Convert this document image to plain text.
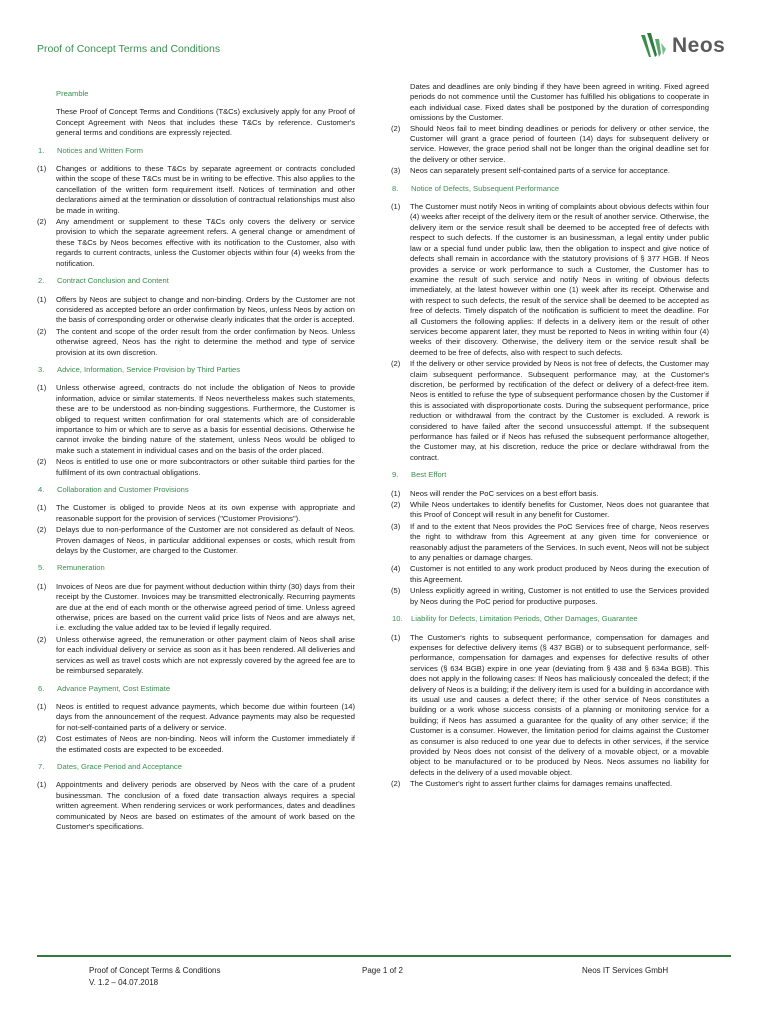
Proof of Concept Terms and Conditions	Neos
Preamble
These Proof of Concept Terms and Conditions (T&Cs) exclusively apply for any Proof of Concept Agreement with Neos that includes these T&Cs by reference. Customer's general terms and conditions are expressly rejected.
1. Notices and Written Form
(1)	Changes or additions to these T&Cs by separate agreement or contracts concluded within the scope of these T&Cs must be in writing to be effective. This also applies to the cancellation of the written form requirement itself. Notices of termination and other declarations aimed at the termination or dissolution of contractual relationships must also be made in writing.
(2)	Any amendment or supplement to these T&Cs only covers the delivery or service provision to which the separate agreement refers. A general change or amendment of these T&Cs by Neos becomes effective with its notification to the Customer, also with regards to current contracts, unless the Customer objects within four (4) weeks from the notification.
2. Contract Conclusion and Content
(1)	Offers by Neos are subject to change and non-binding. Orders by the Customer are not considered as accepted before an order confirmation by Neos, unless Neos by action on the basis of corresponding order or otherwise clearly indicates that the order is accepted.
(2)	The content and scope of the order result from the order confirmation by Neos. Unless otherwise agreed, Neos has the right to determine the method and type of service provision at its own discretion.
3. Advice, Information, Service Provision by Third Parties
(1)	Unless otherwise agreed, contracts do not include the obligation of Neos to provide information, advice or similar statements. If Neos nevertheless makes such statements, these are to be understood as non-binding suggestions. Furthermore, the Customer is obliged to request written confirmation for oral statements which are of considerable importance to him or which are to serve as a basis for essential decisions. Otherwise he cannot invoke the binding nature of the statement, unless Neos would be obliged to make such a statement in individual cases and on the basis of the order placed.
(2)	Neos is entitled to use one or more subcontractors or other suitable third parties for the fulfilment of its own contractual obligations.
4. Collaboration and Customer Provisions
(1)	The Customer is obliged to provide Neos at its own expense with appropriate and reasonable support for the provision of services ("Customer Provisions").
(2)	Delays due to non-performance of the Customer are not considered as default of Neos. Proven damages of Neos, in particular additional expenses or costs, which result from delays by the Customer, are charged to the Customer.
5. Remuneration
(1)	Invoices of Neos are due for payment without deduction within thirty (30) days from their receipt by the Customer. Invoices may be transmitted electronically. Recurring payments are due at the end of each month or the otherwise agreed period of time. Unless agreed otherwise, prices are based on the current valid price lists of Neos and are always net, i.e. excluding the value added tax to be levied if legally required.
(2)	Unless otherwise agreed, the remuneration or other payment claim of Neos shall arise for each individual delivery or service as soon as it has been rendered. All deliveries and services as well as travel costs which are not expressly covered by the agreed fee are to be reimbursed separately.
6. Advance Payment, Cost Estimate
(1)	Neos is entitled to request advance payments, which become due within fourteen (14) days from the announcement of the request. Advance payments may also be requested for not-self-contained parts of a delivery or service.
(2)	Cost estimates of Neos are non-binding. Neos will inform the Customer immediately if the estimated costs are expected to be exceeded.
7. Dates, Grace Period and Acceptance
(1)	Appointments and delivery periods are observed by Neos with the care of a prudent businessman. The conclusion of a fixed date transaction always requires a special written agreement. When rendering services or work performances, dates and deadlines communicated by Neos are based on estimates of the amount of work based on the Customer's specifications.
Dates and deadlines are only binding if they have been agreed in writing. Fixed agreed periods do not commence until the Customer has fulfilled his obligations to cooperate in each individual case. Fixed dates shall be postponed by the duration of corresponding omissions by the Customer.
(2)	Should Neos fail to meet binding deadlines or periods for delivery or other service, the Customer will grant a grace period of fourteen (14) days for subsequent delivery or service. However, the grace period shall not be longer than the original deadline set for the delivery or other service.
(3)	Neos can separately present self-contained parts of a service for acceptance.
8. Notice of Defects, Subsequent Performance
(1)	The Customer must notify Neos in writing of complaints about obvious defects within four (4) weeks after receipt of the delivery item or the result of another service. Otherwise, the delivery item or the service result shall be deemed to be accepted free of defects with respect to such defects. If the customer is an businessman, a legal entity under public law or a special fund under public law, then the obligation to inspect and give notice of defects shall remain in accordance with the statutory provisions of § 377 HGB. If Neos provides a service or work performance to such a Customer, the Customer has to examine the result of such service and notify Neos in writing of obvious defects immediately, at the latest however within one (1) week after its receipt. Otherwise and with respect to such defects, the result of the service shall be deemed to be accepted as free of defects. Timely dispatch of the notification is sufficient to meet the deadline. For all Customers the following applies: If defects in a delivery item or the result of other services become apparent later, they must be reported to Neos in writing within four (4) weeks of their discovery. Otherwise, the delivery item or the service result shall be deemed to be free of defects, also with respect to such defects.
(2)	If the delivery or other service provided by Neos is not free of defects, the Customer may claim subsequent performance. Subsequent performance may, at the Customer's discretion, be performed by rectification of the defect or delivery of a defect-free item. Neos is entitled to refuse the type of subsequent performance chosen by the Customer if this is associated with disproportionate costs. During the subsequent performance, price reduction or withdrawal from the contract by the Customer is excluded. A rework is considered to have failed after the second unsuccessful attempt. If the subsequent performance has failed or if Neos has refused the subsequent performance altogether, the Customer may, at his discretion, reduce the price or declare withdrawal from the contract.
9. Best Effort
(1)	Neos will render the PoC services on a best effort basis.
(2)	While Neos undertakes to identify benefits for Customer, Neos does not guarantee that this Proof of Concept will result in any benefit for Customer.
(3)	If and to the extent that Neos provides the PoC Services free of charge, Neos reserves the right to withdraw from this Agreement at any given time for convenience or reasonably adjust the parameters of the Services. In such event, Neos will not be subject to any penalties or damage charges.
(4)	Customer is not entitled to any work product produced by Neos during the execution of this Agreement.
(5)	Unless explicitly agreed in writing, Customer is not entitled to use the Services provided by Neos during the PoC period for productive purposes.
10. Liability for Defects, Limitation Periods, Other Damages, Guarantee
(1)	The Customer's rights to subsequent performance, compensation for damages and expenses for defective delivery items (§ 437 BGB) or to subsequent performance, self-performance, compensation for damages and expenses for defective results of other services (§ 634 BGB) expire in one year (deviating from § 438 and § 634a BGB). This does not apply in the following cases: If Neos has maliciously concealed the defect; if the delivery of Neos is a building; if the delivery item is used for a building in accordance with its usual use and causes a defect there; if the other service of Neos constitutes a building or a work whose success consists of a planning or monitoring service for a building; if Neos has assumed a guarantee for the quality of any other service; if the Customer is a consumer. However, the limitation period for claims against the Customer as consumer is also reduced to one year due to defects in other services, if the service provided by Neos does not consist of the delivery of a movable object, or a movable object to be manufactured or to be produced by Neos. Neos assumes no liability for defects in the delivery of a used movable object.
(2)	The Customer's right to assert further claims for damages remains unaffected.
Proof of Concept Terms & Conditions
V. 1.2 – 04.07.2018
Page 1 of 2	Neos IT Services GmbH
